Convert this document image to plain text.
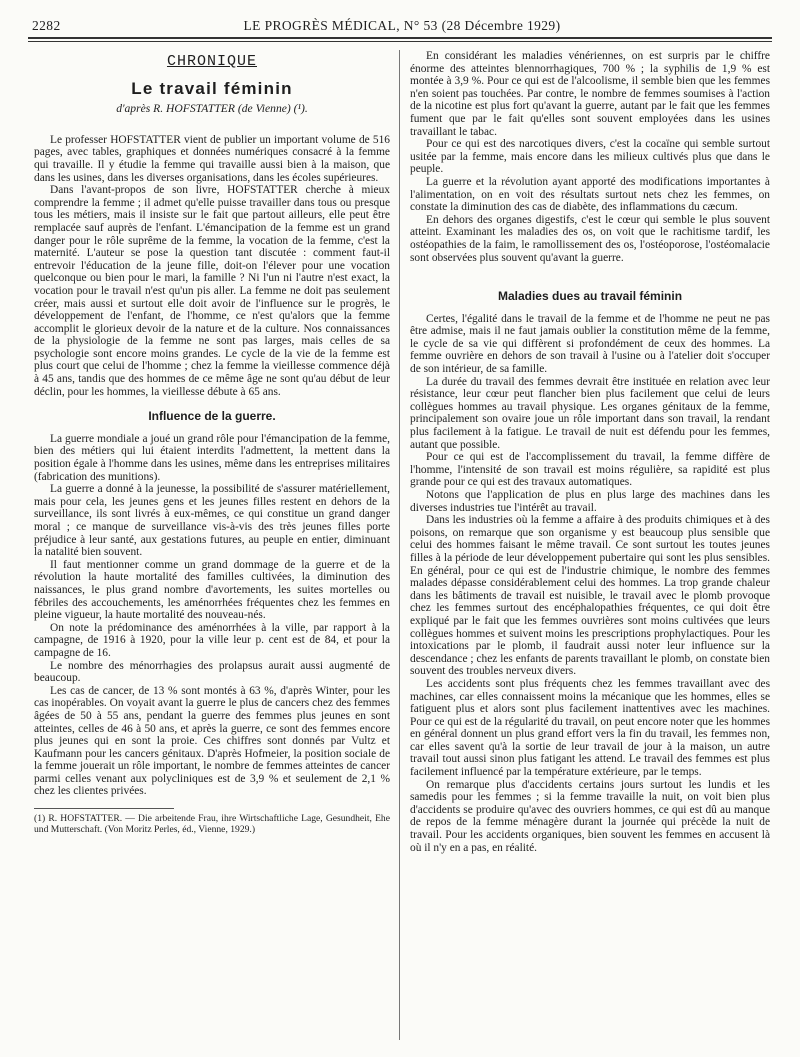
2282	LE PROGRÈS MÉDICAL, N° 53 (28 Décembre 1929)
CHRONIQUE
Le travail féminin
d'après R. HOFSTATTER (de Vienne) (¹).

Le professer HOFSTATTER vient de publier un important volume de 516 pages, avec tables, graphiques et données numériques consacré à la femme qui travaille. Il y étudie la femme qui travaille aussi bien à la maison, que dans les usines, dans les diverses organisations, dans les écoles supérieures.

Dans l'avant-propos de son livre, HOFSTATTER cherche à mieux comprendre la femme ; il admet qu'elle puisse travailler dans tous ou presque tous les métiers, mais il insiste sur le fait que partout ailleurs, elle peut être remplacée sauf auprès de l'enfant. L'émancipation de la femme est un grand danger pour le rôle suprême de la femme, la vocation de la femme, c'est la maternité. L'auteur se pose la question tant discutée : comment faut-il entrevoir l'éducation de la jeune fille, doit-on l'élever pour une vocation quelconque ou bien pour le mari, la famille ? Ni l'un ni l'autre n'est exact, la vocation pour le travail n'est qu'un pis aller. La femme ne doit pas seulement créer, mais aussi et surtout elle doit avoir de l'influence sur le progrès, le développement de l'enfant, de l'homme, ce n'est qu'alors que la femme accomplit le glorieux devoir de la nature et de la culture. Nos connaissances de la physiologie de la femme ne sont pas larges, mais celles de sa psychologie sont encore moins grandes. Le cycle de la vie de la femme est plus court que celui de l'homme ; chez la femme la vieillesse commence déjà à 45 ans, tandis que des hommes de ce même âge ne sont qu'au début de leur déclin, pour les hommes, la vieillesse débute à 65 ans.

Influence de la guerre.

La guerre mondiale a joué un grand rôle pour l'émancipation de la femme, bien des métiers qui lui étaient interdits l'admettent, la mettent dans la position égale à l'homme dans les usines, même dans les entreprises militaires (fabrication des munitions).

La guerre a donné à la jeunesse, la possibilité de s'assurer matériellement, mais pour cela, les jeunes gens et les jeunes filles restent en dehors de la surveillance, ils sont livrés à eux-mêmes, ce qui constitue un grand danger moral ; ce manque de surveillance vis-à-vis des très jeunes filles porte préjudice à leur santé, aux gestations futures, au peuple en entier, diminuant la natalité bien souvent.

Il faut mentionner comme un grand dommage de la guerre et de la révolution la haute mortalité des familles cultivées, la diminution des naissances, le plus grand nombre d'avortements, les suites mortelles ou fébriles des accouchements, les aménorrhées fréquentes chez les femmes en pleine vigueur, la haute mortalité des nouveau-nés.

On note la prédominance des aménorrhées à la ville, par rapport à la campagne, de 1916 à 1920, pour la ville leur p. cent est de 84, et pour la campagne de 16.

Le nombre des ménorrhagies des prolapsus aurait aussi augmenté de beaucoup.

Les cas de cancer, de 13 % sont montés à 63 %, d'après Winter, pour les cas inopérables. On voyait avant la guerre le plus de cancers chez des femmes âgées de 50 à 55 ans, pendant la guerre des femmes plus jeunes en sont atteintes, celles de 46 à 50 ans, et après la guerre, ce sont des femmes encore plus jeunes qui en sont la proie. Ces chiffres sont donnés par Vultz et Kaufmann pour les cancers génitaux. D'après Hofmeier, la position sociale de la femme jouerait un rôle important, le nombre de femmes atteintes de cancer parmi celles venant aux polycliniques est de 3,9 % et seulement de 2,1 % chez les clientes privées.

(1) R. HOFSTATTER. — Die arbeitende Frau, ihre Wirtschaftliche Lage, Gesundheit, Ehe und Mutterschaft. (Von Moritz Perles, éd., Vienne, 1929.)

En considérant les maladies vénériennes, on est surpris par le chiffre énorme des atteintes blennorrhagiques, 700 % ; la syphilis de 1,9 % est montée à 3,9 %. Pour ce qui est de l'alcoolisme, il semble bien que les femmes n'en soient pas touchées. Par contre, le nombre de femmes soumises à l'action de la nicotine est plus fort qu'avant la guerre, autant par le fait que les femmes fument que par le fait qu'elles sont souvent employées dans les usines travaillant le tabac.

Pour ce qui est des narcotiques divers, c'est la cocaïne qui semble surtout usitée par la femme, mais encore dans les milieux cultivés plus que dans le peuple.

La guerre et la révolution ayant apporté des modifications importantes à l'alimentation, on en voit des résultats surtout nets chez les femmes, on constate la diminution des cas de diabète, des inflammations du cæcum.

En dehors des organes digestifs, c'est le cœur qui semble le plus souvent atteint. Examinant les maladies des os, on voit que le rachitisme tardif, les ostéopathies de la faim, le ramollissement des os, l'ostéoporose, l'ostéomalacie sont observées plus souvent qu'avant la guerre.

Maladies dues au travail féminin

Certes, l'égalité dans le travail de la femme et de l'homme ne peut ne pas être admise, mais il ne faut jamais oublier la constitution même de la femme, le cycle de sa vie qui diffèrent si profondément de ceux des hommes. La femme ouvrière en dehors de son travail à l'usine ou à l'atelier doit s'occuper de son intérieur, de sa famille.

La durée du travail des femmes devrait être instituée en relation avec leur résistance, leur cœur peut flancher bien plus facilement que celui de leurs collègues hommes au travail physique. Les organes génitaux de la femme, principalement son ovaire joue un rôle important dans son travail, la rendant plus facilement à la fatigue. Le travail de nuit est défendu pour les femmes, autant que possible.

Pour ce qui est de l'accomplissement du travail, la femme diffère de l'homme, l'intensité de son travail est moins régulière, sa rapidité est plus grande pour ce qui est des travaux automatiques.

Notons que l'application de plus en plus large des machines dans les diverses industries tue l'intérêt au travail.

Dans les industries où la femme a affaire à des produits chimiques et à des poisons, on remarque que son organisme y est beaucoup plus sensible que celui des hommes faisant le même travail. Ce sont surtout les toutes jeunes filles à la période de leur développement pubertaire qui sont les plus sensibles. En général, pour ce qui est de l'industrie chimique, le nombre des femmes malades dépasse considérablement celui des hommes. La trop grande chaleur dans les bâtiments de travail est nuisible, le travail avec le plomb provoque chez les femmes surtout des encéphalopathies fréquentes, ce qui doit être expliqué par le fait que les femmes ouvrières sont moins cultivées que leurs collègues hommes et suivent moins les prescriptions prophylactiques. Pour les intoxications par le plomb, il faudrait aussi noter leur influence sur la descendance ; chez les enfants de parents travaillant le plomb, on constate bien souvent des troubles nerveux divers.

Les accidents sont plus fréquents chez les femmes travaillant avec des machines, car elles connaissent moins la mécanique que les hommes, elles se fatiguent plus et alors sont plus facilement inattentives avec les machines. Pour ce qui est de la régularité du travail, on peut encore noter que les hommes en général donnent un plus grand effort vers la fin du travail, les femmes non, car elles savent qu'à la sortie de leur travail de jour à la maison, un autre travail tout aussi sinon plus fatigant les attend. Le travail des femmes est plus facilement influencé par la température extérieure, par le temps.

On remarque plus d'accidents certains jours surtout les lundis et les samedis pour les femmes ; si la femme travaille la nuit, on voit bien plus d'accidents se produire qu'avec des ouvriers hommes, ce qui est dû au manque de repos de la femme ménagère durant la journée qui précède la nuit de travail. Pour les accidents organiques, bien souvent les femmes en accusent là où il n'y en a pas, en réalité.
